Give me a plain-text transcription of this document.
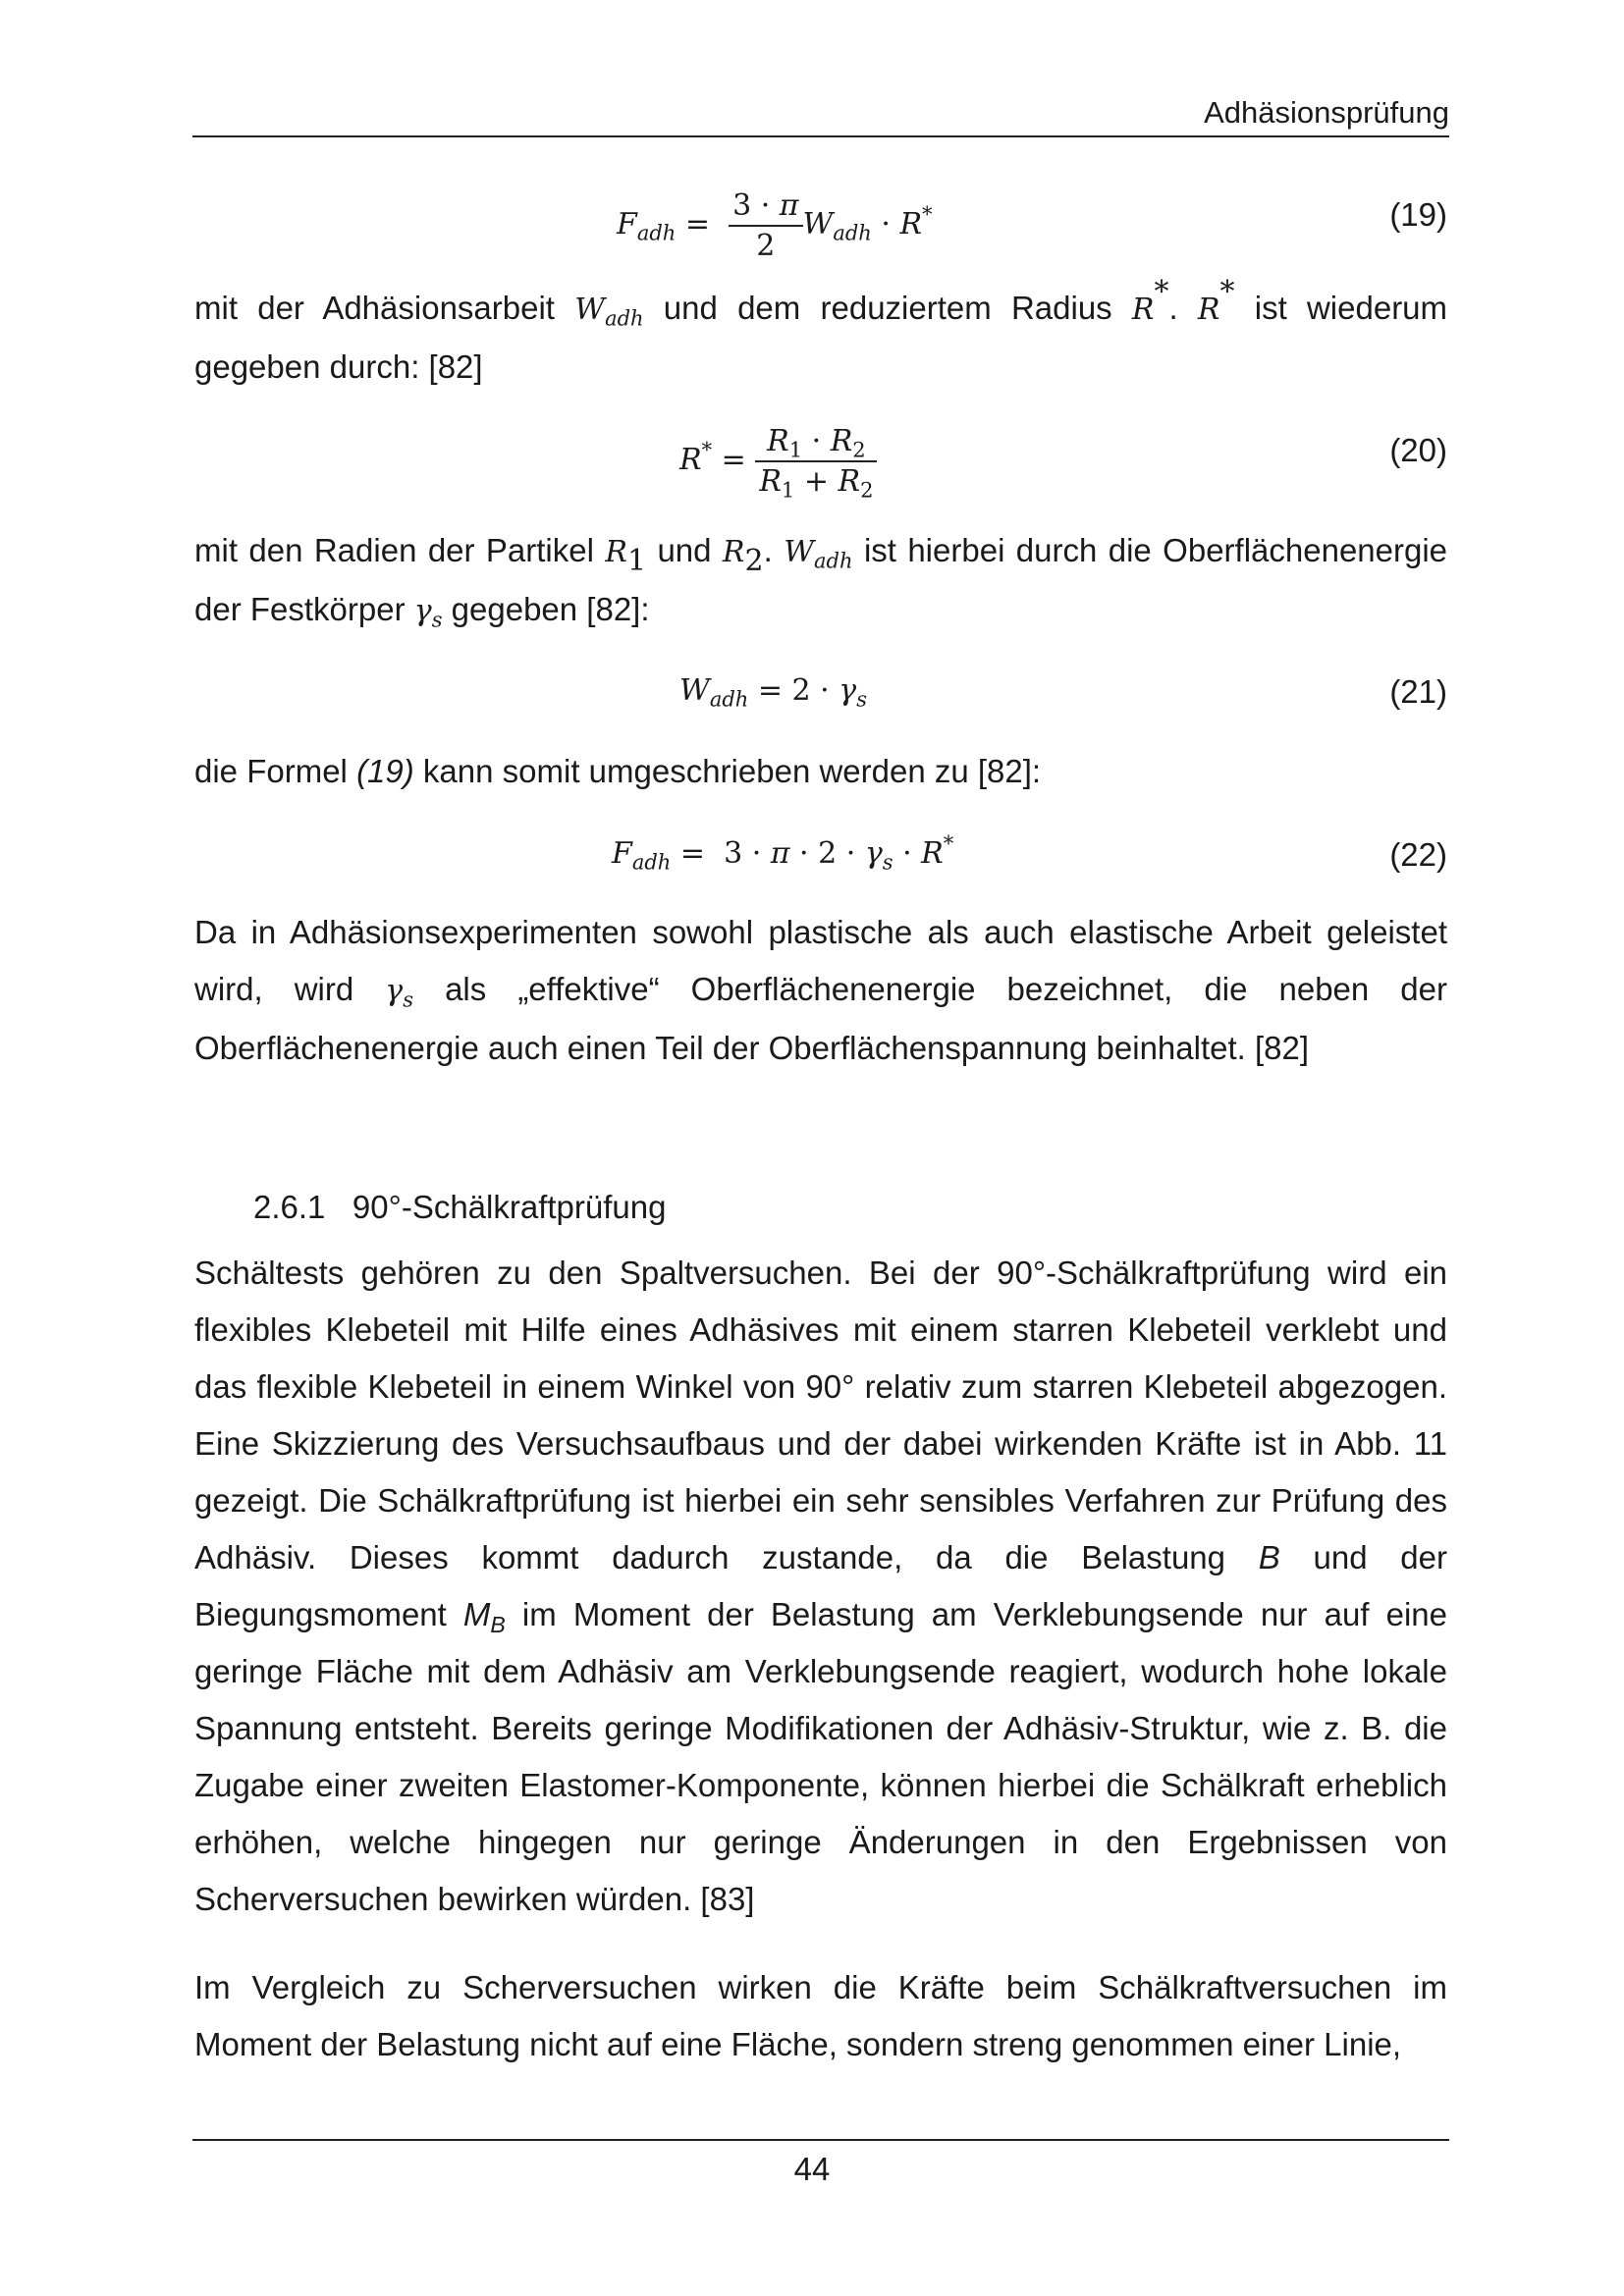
Adhäsionsprüfung
$F_{adh} = \frac{3 \cdot \pi}{2} W_{adh} \cdot R^*$	(19)

mit der Adhäsionsarbeit $W_{adh}$ und dem reduziertem Radius R*. R* ist wiederum gegeben durch: [82]

$R^* = \frac{R_1 \cdot R_2}{R_1 + R_2}$	(20)

mit den Radien der Partikel $R_1$ und $R_2$. $W_{adh}$ ist hierbei durch die Oberflächenenergie der Festkörper $\gamma_s$ gegeben [82]:

$W_{adh} = 2 \cdot \gamma_s$	(21)

die Formel (19) kann somit umgeschrieben werden zu [82]:

$F_{adh} = 3 \cdot \pi \cdot 2 \cdot \gamma_s \cdot R^*$	(22)

Da in Adhäsionsexperimenten sowohl plastische als auch elastische Arbeit geleistet wird, wird $\gamma_s$ als „effektive“ Oberflächenenergie bezeichnet, die neben der Oberflächenenergie auch einen Teil der Oberflächenspannung beinhaltet. [82]

2.6.1 90°-Schälkraftprüfung

Schältests gehören zu den Spaltversuchen. Bei der 90°-Schälkraftprüfung wird ein flexibles Klebeteil mit Hilfe eines Adhäsives mit einem starren Klebeteil verklebt und das flexible Klebeteil in einem Winkel von 90° relativ zum starren Klebeteil abgezogen. Eine Skizzierung des Versuchsaufbaus und der dabei wirkenden Kräfte ist in Abb. 11 gezeigt. Die Schälkraftprüfung ist hierbei ein sehr sensibles Verfahren zur Prüfung des Adhäsiv. Dieses kommt dadurch zustande, da die Belastung B und der Biegungsmoment $M_B$ im Moment der Belastung am Verklebungsende nur auf eine geringe Fläche mit dem Adhäsiv am Verklebungsende reagiert, wodurch hohe lokale Spannung entsteht. Bereits geringe Modifikationen der Adhäsiv-Struktur, wie z. B. die Zugabe einer zweiten Elastomer-Komponente, können hierbei die Schälkraft erheblich erhöhen, welche hingegen nur geringe Änderungen in den Ergebnissen von Scherversuchen bewirken würden. [83]

Im Vergleich zu Scherversuchen wirken die Kräfte beim Schälkraftversuchen im Moment der Belastung nicht auf eine Fläche, sondern streng genommen einer Linie,

44
